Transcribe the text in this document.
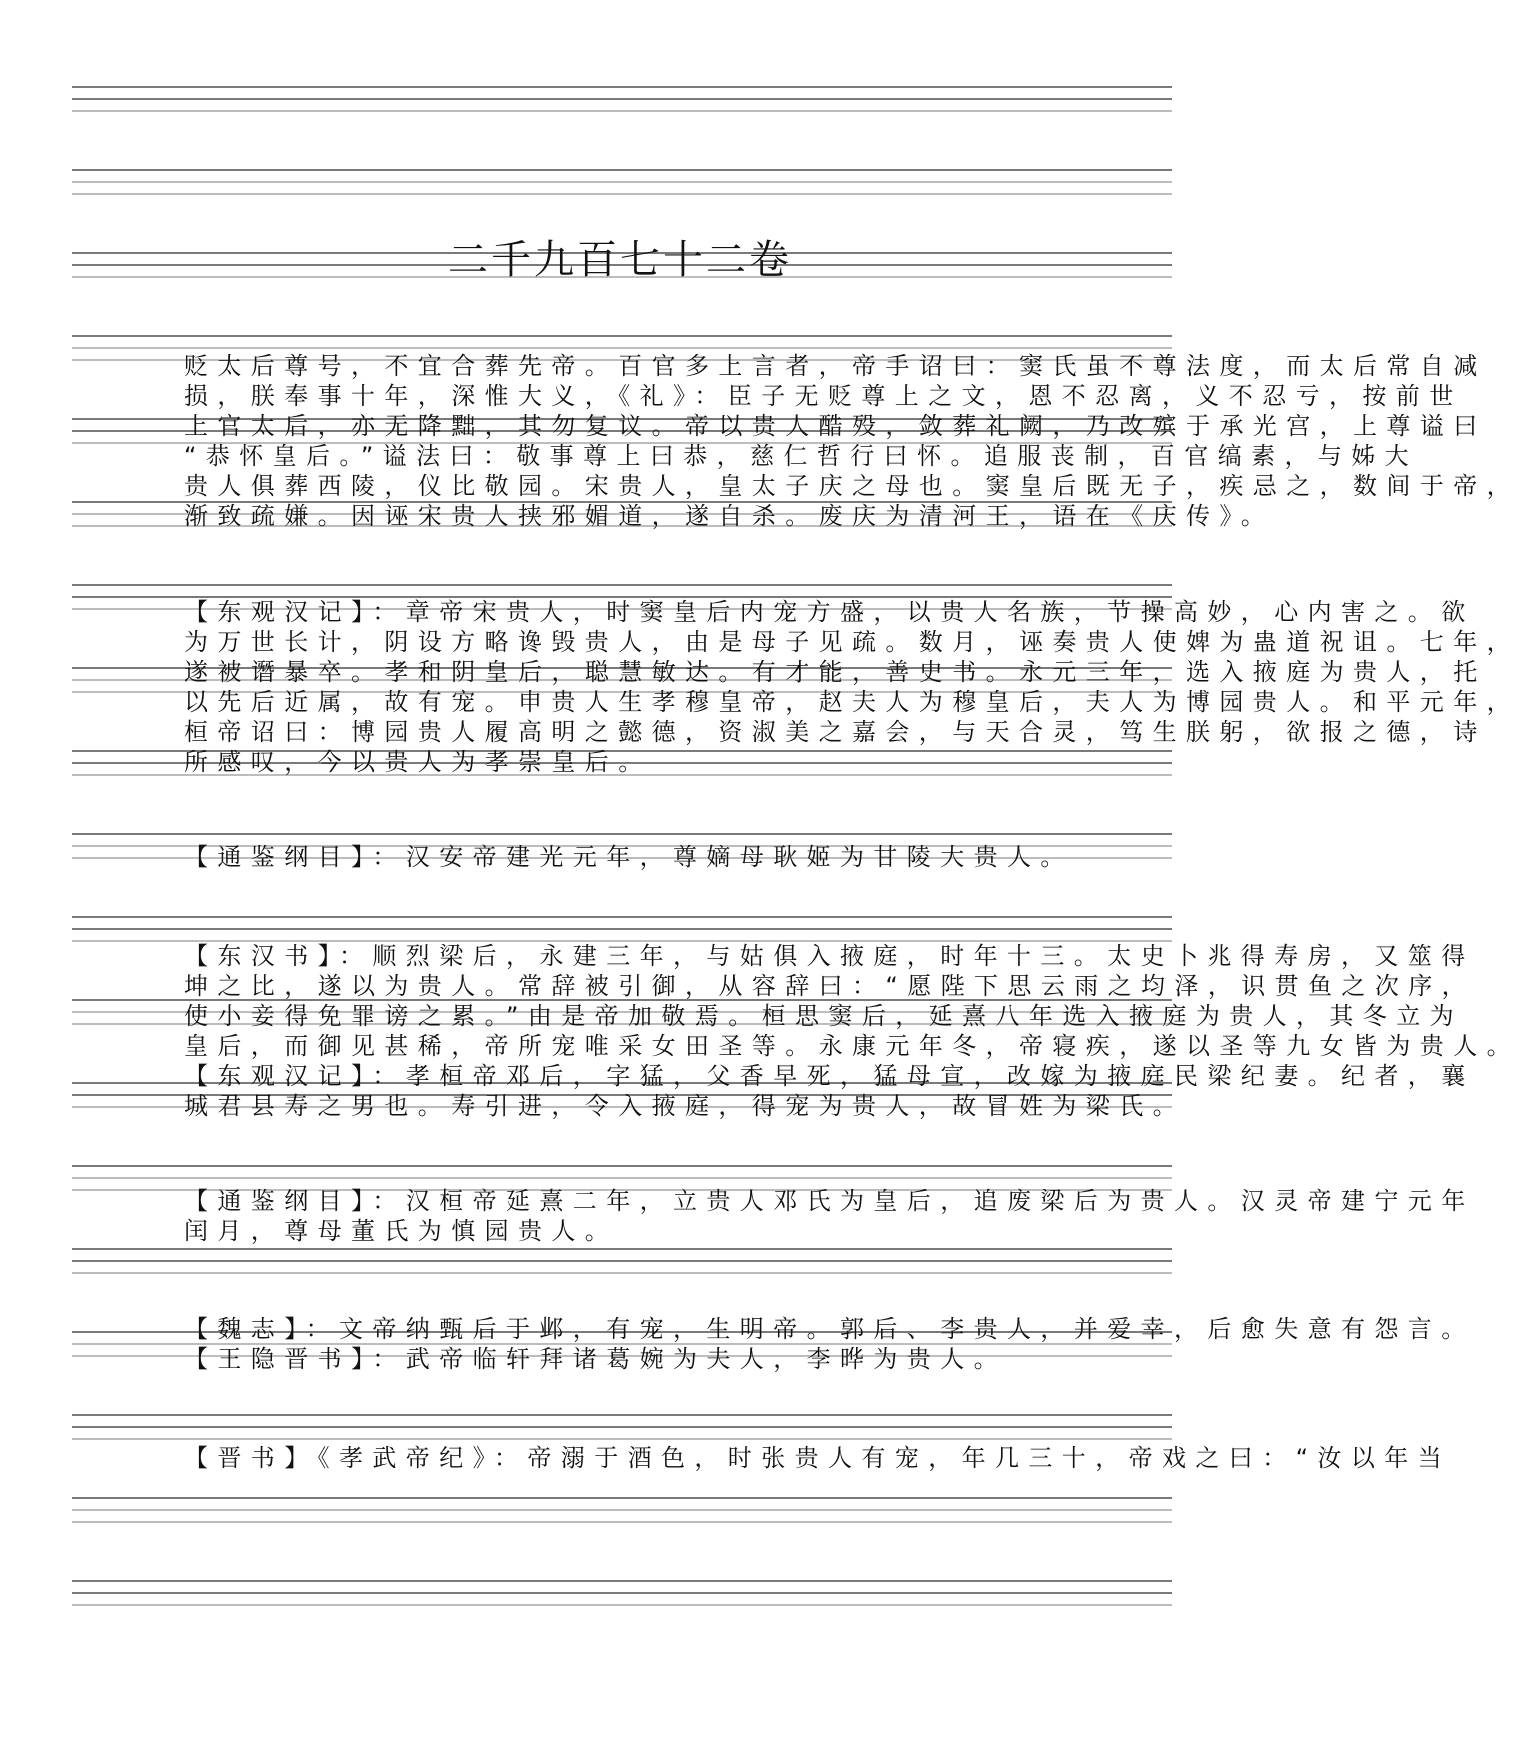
二千九百七十二卷
贬太后尊号，不宜合葬先帝。百官多上言者，帝手诏曰：窦氏虽不尊法度，而太后常自减
损，朕奉事十年，深惟大义，《礼》：臣子无贬尊上之文，恩不忍离，义不忍亏，按前世
上官太后，亦无降黜，其勿复议。帝以贵人酷殁，敛葬礼阙，乃改殡于承光宫，上尊谥曰
“恭怀皇后。”谥法曰：敬事尊上曰恭，慈仁哲行曰怀。追服丧制，百官缟素，与姊大
贵人俱葬西陵，仪比敬园。宋贵人，皇太子庆之母也。窦皇后既无子，疾忌之，数间于帝，
渐致疏嫌。因诬宋贵人挟邪媚道，遂自杀。废庆为清河王，语在《庆传》。
【东观汉记】：章帝宋贵人，时窦皇后内宠方盛，以贵人名族，节操高妙，心内害之。欲
为万世长计，阴设方略谗毁贵人，由是母子见疏。数月，诬奏贵人使婢为蛊道祝诅。七年，
遂被谮暴卒。孝和阴皇后，聪慧敏达。有才能，善史书。永元三年，选入掖庭为贵人，托
以先后近属，故有宠。申贵人生孝穆皇帝，赵夫人为穆皇后，夫人为博园贵人。和平元年，
桓帝诏曰：博园贵人履高明之懿德，资淑美之嘉会，与天合灵，笃生朕躬，欲报之德，诗
所感叹，今以贵人为孝崇皇后。
【通鉴纲目】：汉安帝建光元年，尊嫡母耿姬为甘陵大贵人。
【东汉书】：顺烈梁后，永建三年，与姑俱入掖庭，时年十三。太史卜兆得寿房，又筮得
坤之比，遂以为贵人。常辞被引御，从容辞曰：“愿陛下思云雨之均泽，识贯鱼之次序，
使小妾得免罪谤之累。”由是帝加敬焉。桓思窦后，延熹八年选入掖庭为贵人，其冬立为
皇后，而御见甚稀，帝所宠唯采女田圣等。永康元年冬，帝寝疾，遂以圣等九女皆为贵人。
【东观汉记】：孝桓帝邓后，字猛，父香早死，猛母宣，改嫁为掖庭民梁纪妻。纪者，襄
城君县寿之男也。寿引进，令入掖庭，得宠为贵人，故冒姓为梁氏。
【通鉴纲目】：汉桓帝延熹二年，立贵人邓氏为皇后，追废梁后为贵人。汉灵帝建宁元年
闰月，尊母董氏为慎园贵人。
【魏志】：文帝纳甄后于邺，有宠，生明帝。郭后、李贵人，并爱幸，后愈失意有怨言。
【王隐晋书】：武帝临轩拜诸葛婉为夫人，李晔为贵人。
【晋书】《孝武帝纪》：帝溺于酒色，时张贵人有宠，年几三十，帝戏之曰：“汝以年当
